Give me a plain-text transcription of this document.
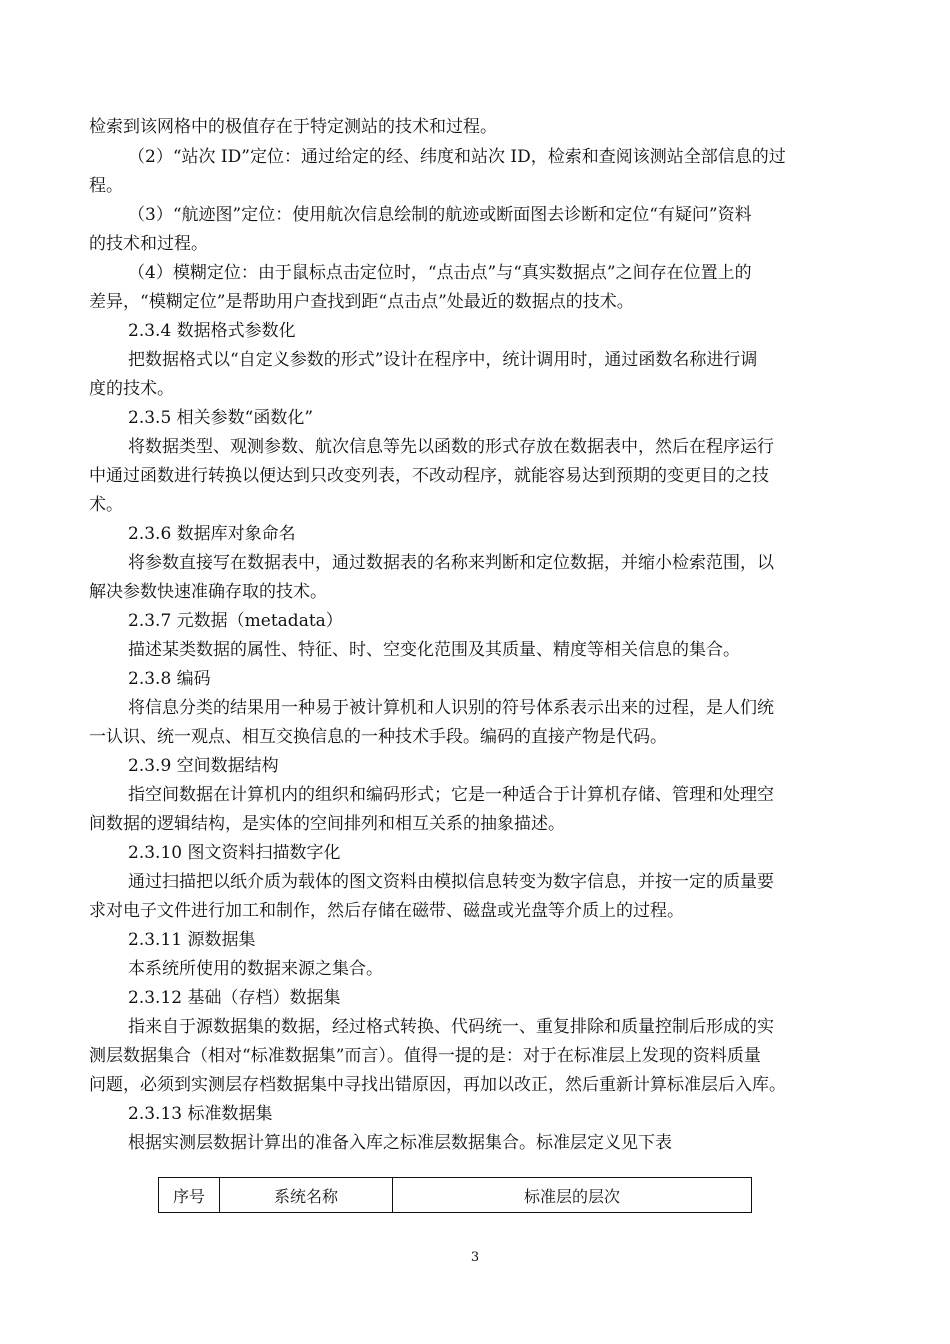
检索到该网格中的极值存在于特定测站的技术和过程。

（2）“站次 ID”定位：通过给定的经、纬度和站次 ID，检索和查阅该测站全部信息的过

程。

（3）“航迹图”定位：使用航次信息绘制的航迹或断面图去诊断和定位“有疑问”资料

的技术和过程。

（4）模糊定位：由于鼠标点击定位时，“点击点”与“真实数据点”之间存在位置上的

差异，“模糊定位”是帮助用户查找到距“点击点”处最近的数据点的技术。

2.3.4 数据格式参数化

把数据格式以“自定义参数的形式”设计在程序中，统计调用时，通过函数名称进行调

度的技术。

2.3.5 相关参数“函数化”

将数据类型、观测参数、航次信息等先以函数的形式存放在数据表中，然后在程序运行

中通过函数进行转换以便达到只改变列表，不改动程序，就能容易达到预期的变更目的之技

术。

2.3.6 数据库对象命名

将参数直接写在数据表中，通过数据表的名称来判断和定位数据，并缩小检索范围，以

解决参数快速准确存取的技术。

2.3.7 元数据（metadata）

描述某类数据的属性、特征、时、空变化范围及其质量、精度等相关信息的集合。

2.3.8 编码

将信息分类的结果用一种易于被计算机和人识别的符号体系表示出来的过程，是人们统

一认识、统一观点、相互交换信息的一种技术手段。编码的直接产物是代码。

2.3.9 空间数据结构

指空间数据在计算机内的组织和编码形式；它是一种适合于计算机存储、管理和处理空

间数据的逻辑结构，是实体的空间排列和相互关系的抽象描述。

2.3.10 图文资料扫描数字化

通过扫描把以纸介质为载体的图文资料由模拟信息转变为数字信息，并按一定的质量要

求对电子文件进行加工和制作，然后存储在磁带、磁盘或光盘等介质上的过程。

2.3.11 源数据集

本系统所使用的数据来源之集合。

2.3.12 基础（存档）数据集

指来自于源数据集的数据，经过格式转换、代码统一、重复排除和质量控制后形成的实

测层数据集合（相对“标准数据集”而言）。值得一提的是：对于在标准层上发现的资料质量

问题，必须到实测层存档数据集中寻找出错原因，再加以改正，然后重新计算标准层后入库。

2.3.13 标准数据集

根据实测层数据计算出的准备入库之标准层数据集合。标准层定义见下表

序号	系统名称	标准层的层次
3
